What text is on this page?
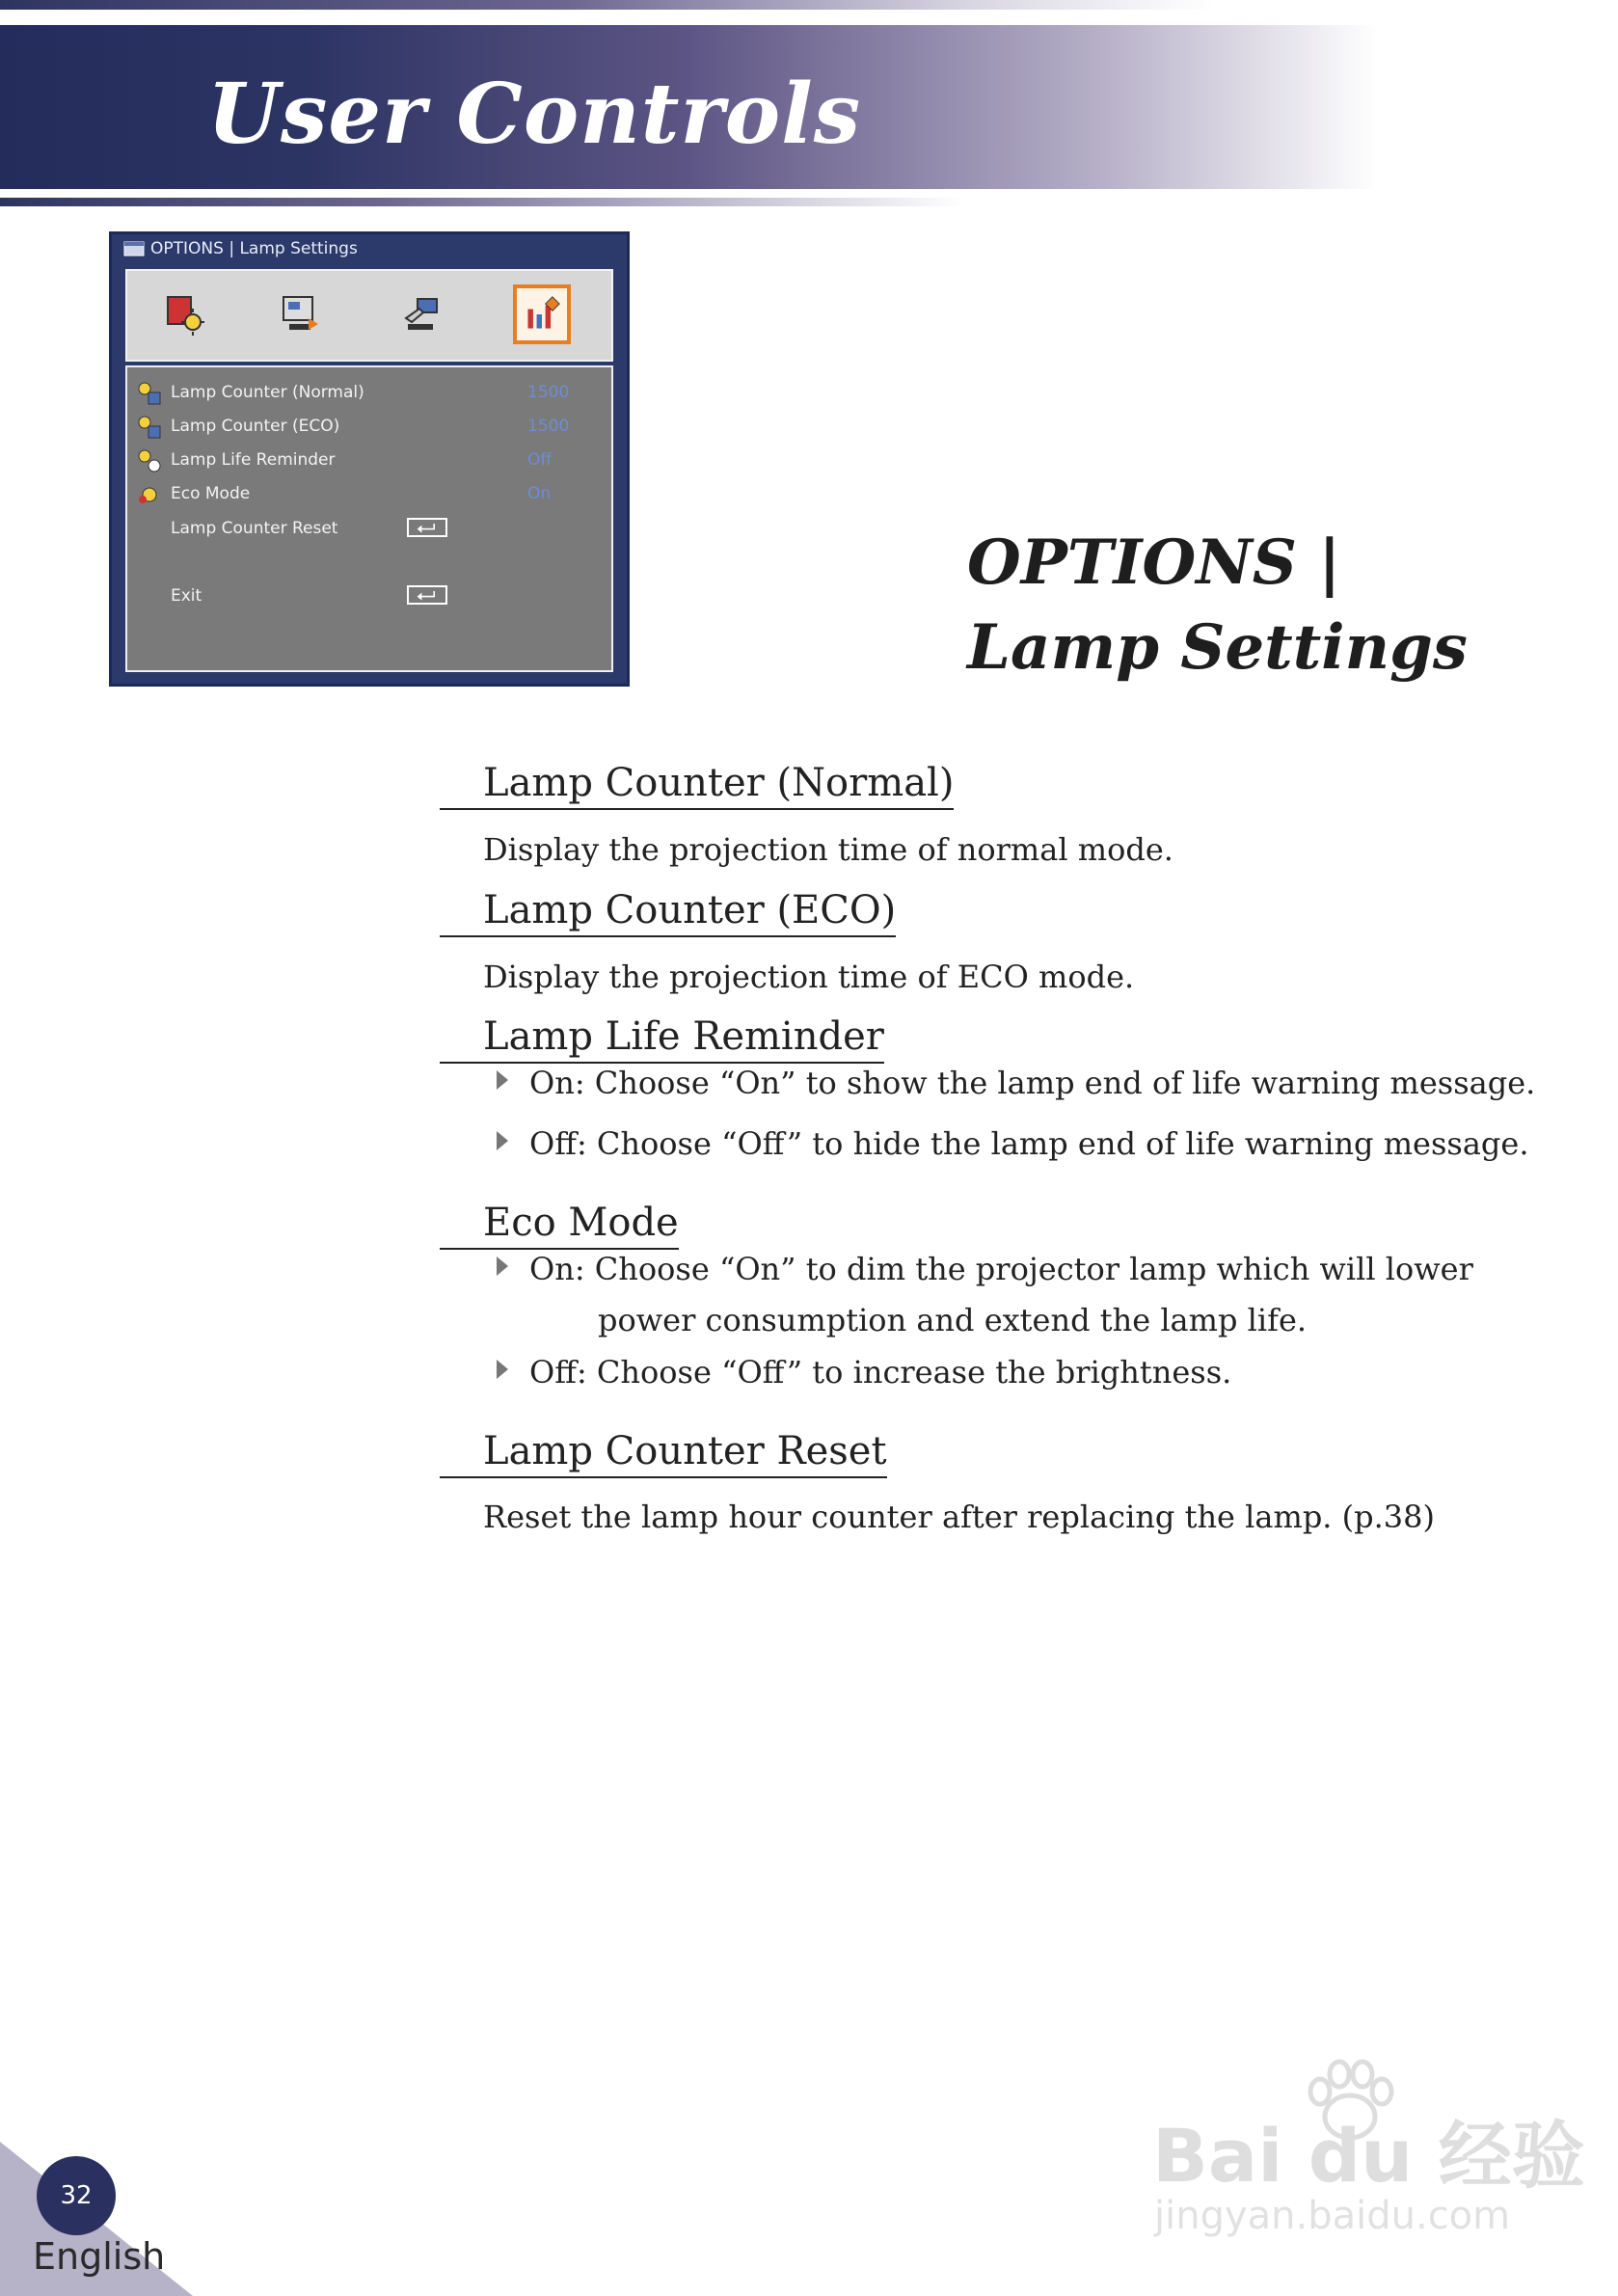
User Controls
OPTIONS | Lamp Settings
Lamp Counter (Normal)	1500
Lamp Counter (ECO)	1500
Lamp Life Reminder	Off
Eco Mode	On
Lamp Counter Reset
Exit	OPTIONS |
Lamp Settings
Lamp Counter (Normal)

Display the projection time of normal mode.

Lamp Counter (ECO)

Display the projection time of ECO mode.

Lamp Life Reminder

On: Choose “On” to show the lamp end of life warning message.

Off: Choose “Off” to hide the lamp end of life warning message.

Eco Mode

On: Choose “On” to dim the projector lamp which will lower

power consumption and extend the lamp life.

Off: Choose “Off” to increase the brightness.

Lamp Counter Reset

Reset the lamp hour counter after replacing the lamp. (p.38)

32

English

Bai du 经验
jingyan.baidu.com
